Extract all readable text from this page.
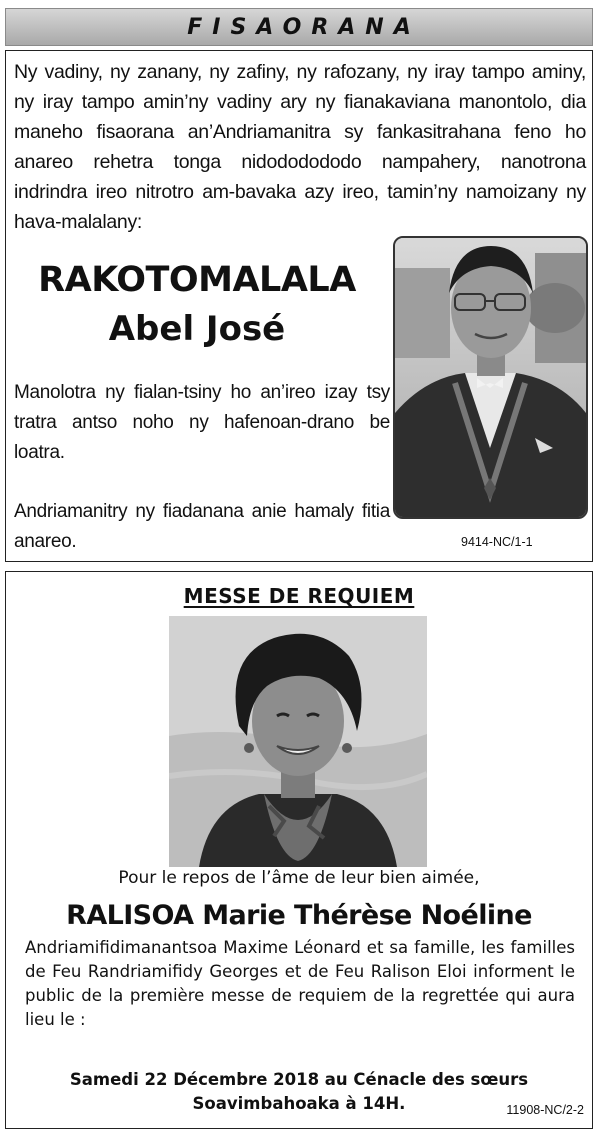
FISAORANA

Ny vadiny, ny zanany, ny zafiny, ny rafozany, ny iray tampo aminy, ny iray tampo amin’ny vadiny ary ny fianakaviana manontolo, dia maneho fisaorana an’Andriamanitra sy fankasitrahana feno ho anareo rehetra tonga nidododododo nampahery, nanotrona indrindra ireo nitrotro am-bavaka azy ireo, tamin’ny namoizany ny hava-malalany:

RAKOTOMALALA
Abel José

Manolotra ny fialan-tsiny ho an’ireo izay tsy tratra antso noho ny hafenoan-drano be loatra.

Andriamanitry ny fiadanana anie hamaly fitia anareo.	9414-NC/1-1
MESSE DE REQUIEM
Pour le repos de l’âme de leur bien aimée,
RALISOA Marie Thérèse Noéline

Andriamifidimanantsoa Maxime Léonard et sa famille, les familles de Feu Randriamifidy Georges et de Feu Ralison Eloi informent le public de la première messe de requiem de la regrettée qui aura lieu le :

Samedi 22 Décembre 2018 au Cénacle des sœurs
Soavimbahoaka à 14H.	11908-NC/2-2
